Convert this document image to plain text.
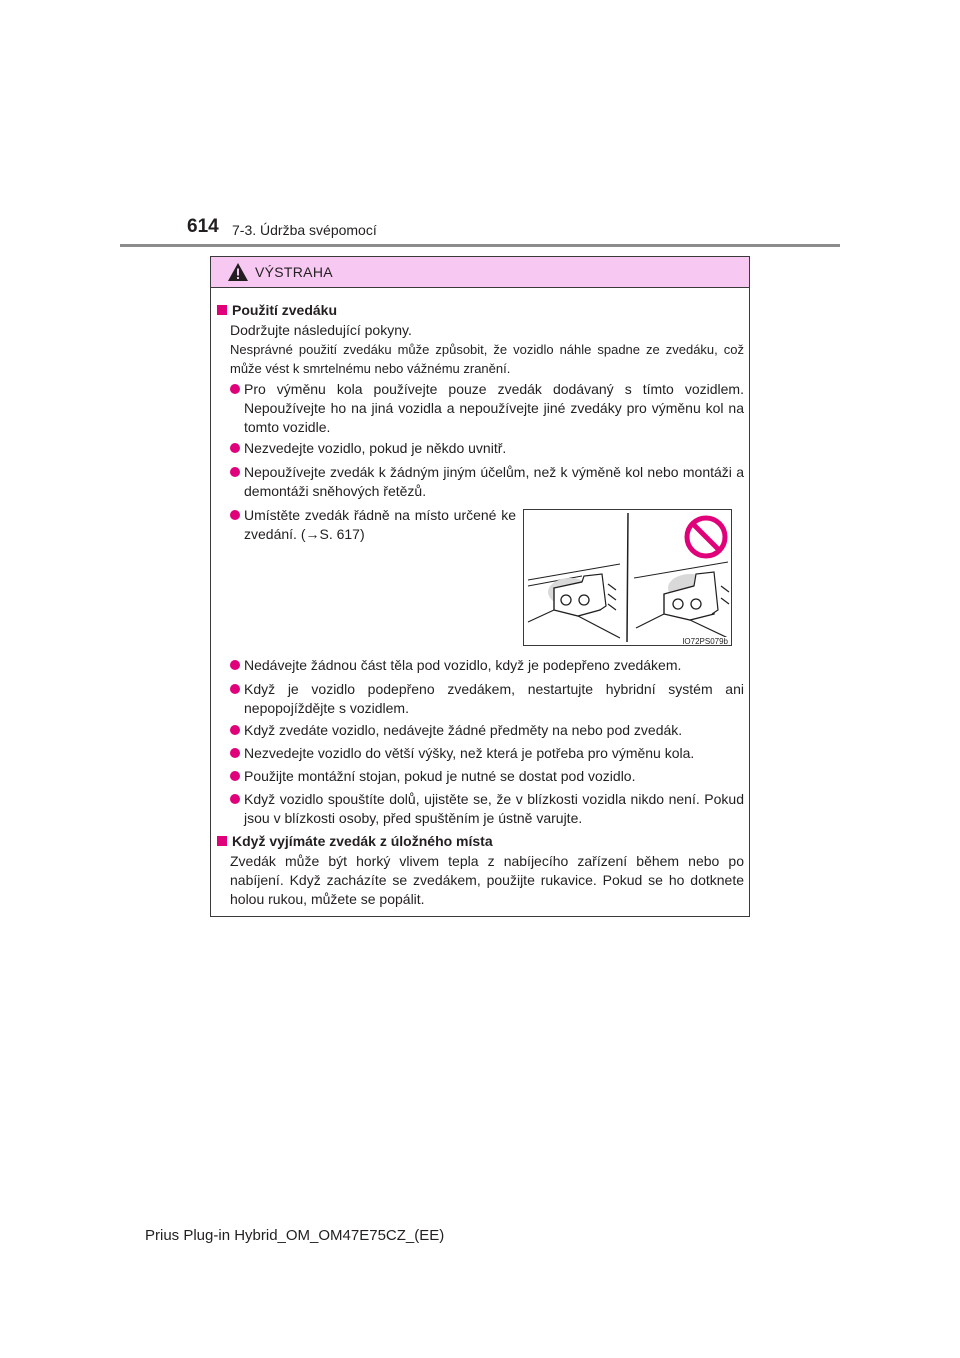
614 7-3. Údržba svépomocí
VÝSTRAHA
Použití zvedáku
Dodržujte následující pokyny.
Nesprávné použití zvedáku může způsobit, že vozidlo náhle spadne ze zvedáku, což může vést k smrtelnému nebo vážnému zranění.
Pro výměnu kola používejte pouze zvedák dodávaný s tímto vozidlem. Nepoužívejte ho na jiná vozidla a nepoužívejte jiné zvedáky pro výměnu kol na tomto vozidle.
Nezvedejte vozidlo, pokud je někdo uvnitř.
Nepoužívejte zvedák k žádným jiným účelům, než k výměně kol nebo montáži a demontáži sněhových řetězů.
Umístěte zvedák řádně na místo určené ke zvedání. (→S. 617)
Nedávejte žádnou část těla pod vozidlo, když je podepřeno zvedákem.
Když je vozidlo podepřeno zvedákem, nestartujte hybridní systém ani nepopojíždějte s vozidlem.
Když zvedáte vozidlo, nedávejte žádné předměty na nebo pod zvedák.
Nezvedejte vozidlo do větší výšky, než která je potřeba pro výměnu kola.
Použijte montážní stojan, pokud je nutné se dostat pod vozidlo.
Když vozidlo spouštíte dolů, ujistěte se, že v blízkosti vozidla nikdo není. Pokud jsou v blízkosti osoby, před spuštěním je ústně varujte.
Když vyjímáte zvedák z úložného místa
Zvedák může být horký vlivem tepla z nabíjecího zařízení během nebo po nabíjení. Když zacházíte se zvedákem, použijte rukavice. Pokud se ho dotknete holou rukou, můžete se popálit.
IO72PS079b
Prius Plug-in Hybrid_OM_OM47E75CZ_(EE)
